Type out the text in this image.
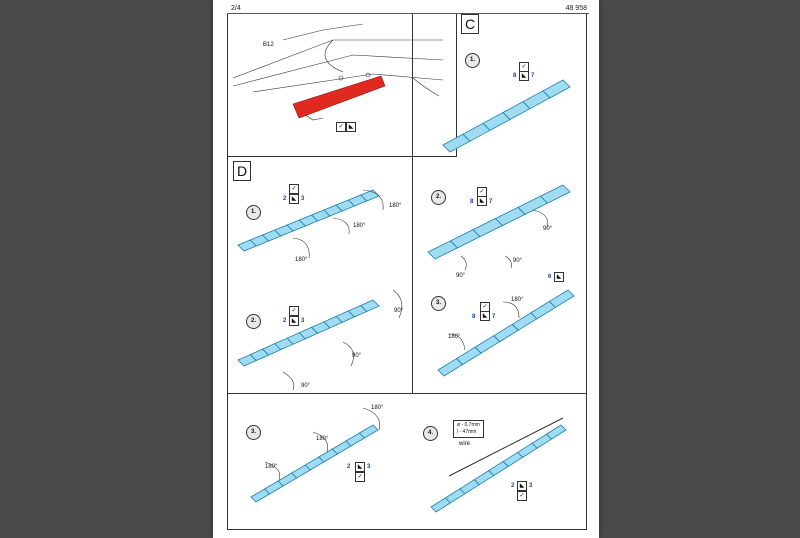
2/4	48 958
B12
✓ ◣
C
D
1.
✓
8 ◣ 7
2.
✓
8	◣ 7
90°
90°
90°
3.
✓
8	◣ 7
6 ◣
180°
180°
1.
✓
2 ◣ 3
180°
180°
180°
2.
✓
2 ◣ 3
90°
90°
90°
3.
180°
180°
180°	◣
2	3
✓
4.
ø - 0,7mm
l - 47mm
wire
2 ◣ 3
✓
